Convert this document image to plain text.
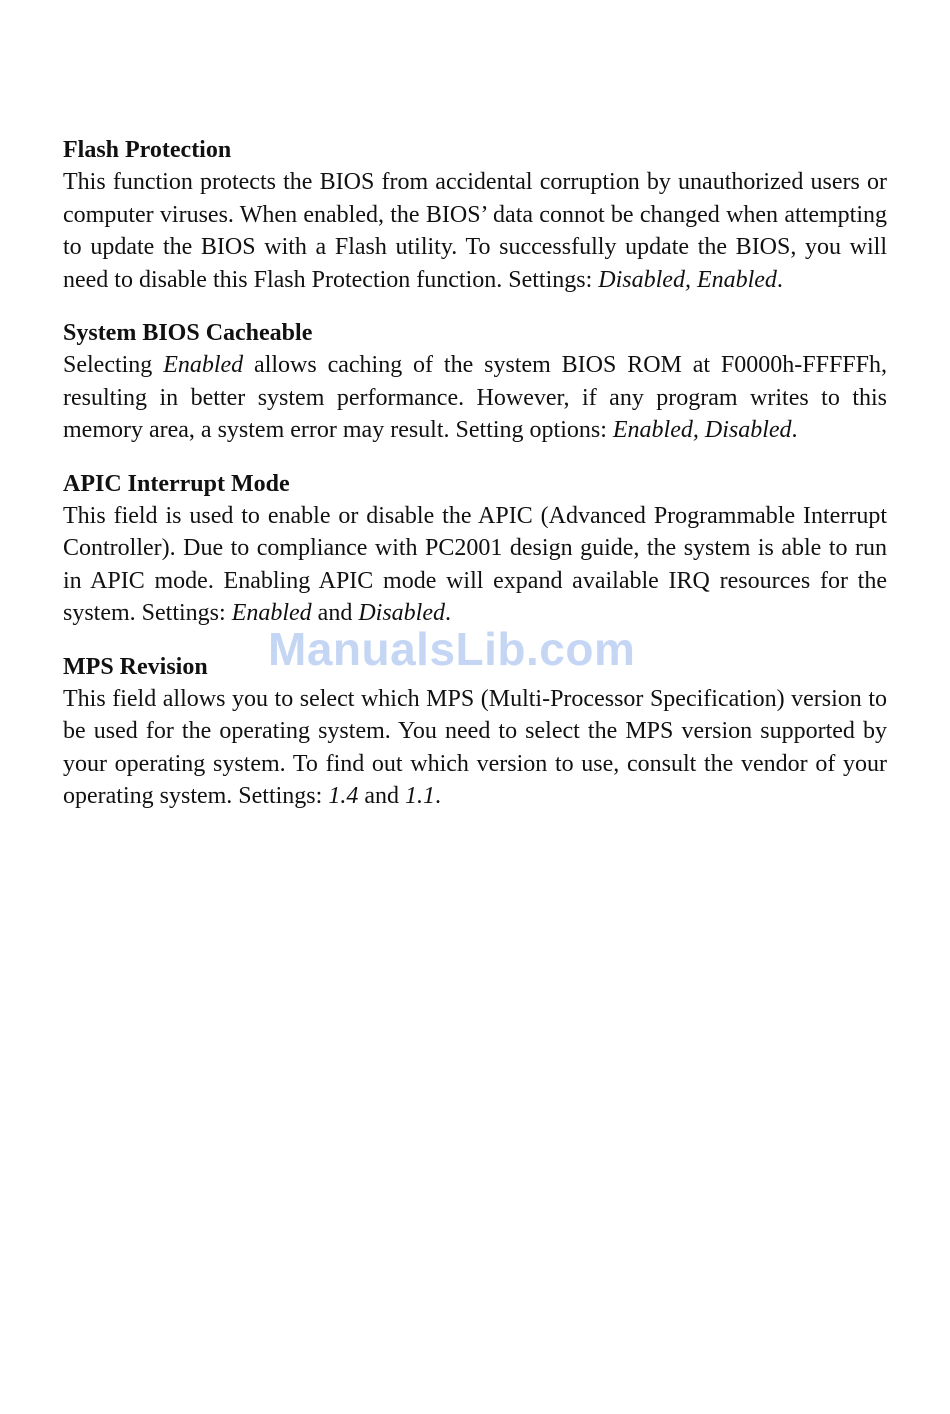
Flash Protection

This function protects the BIOS from accidental corruption by unauthorized users or computer viruses. When enabled, the BIOS’ data connot be changed when attempting to update the BIOS with a Flash utility. To successfully update the BIOS, you will need to disable this Flash Protection function. Settings: Disabled, Enabled.

System BIOS Cacheable

Selecting Enabled allows caching of the system BIOS ROM at F0000h-FFFFFh, resulting in better system performance. However, if any program writes to this memory area, a system error may result. Setting options: Enabled, Disabled.

APIC Interrupt Mode

This field is used to enable or disable the APIC (Advanced Programmable Interrupt Controller). Due to compliance with PC2001 design guide, the system is able to run in APIC mode. Enabling APIC mode will expand available IRQ resources for the system. Settings: Enabled and Disabled.

MPS Revision

This field allows you to select which MPS (Multi-Processor Specification) version to be used for the operating system. You need to select the MPS version supported by your operating system. To find out which version to use, consult the vendor of your operating system. Settings: 1.4 and 1.1.

ManualsLib.com
